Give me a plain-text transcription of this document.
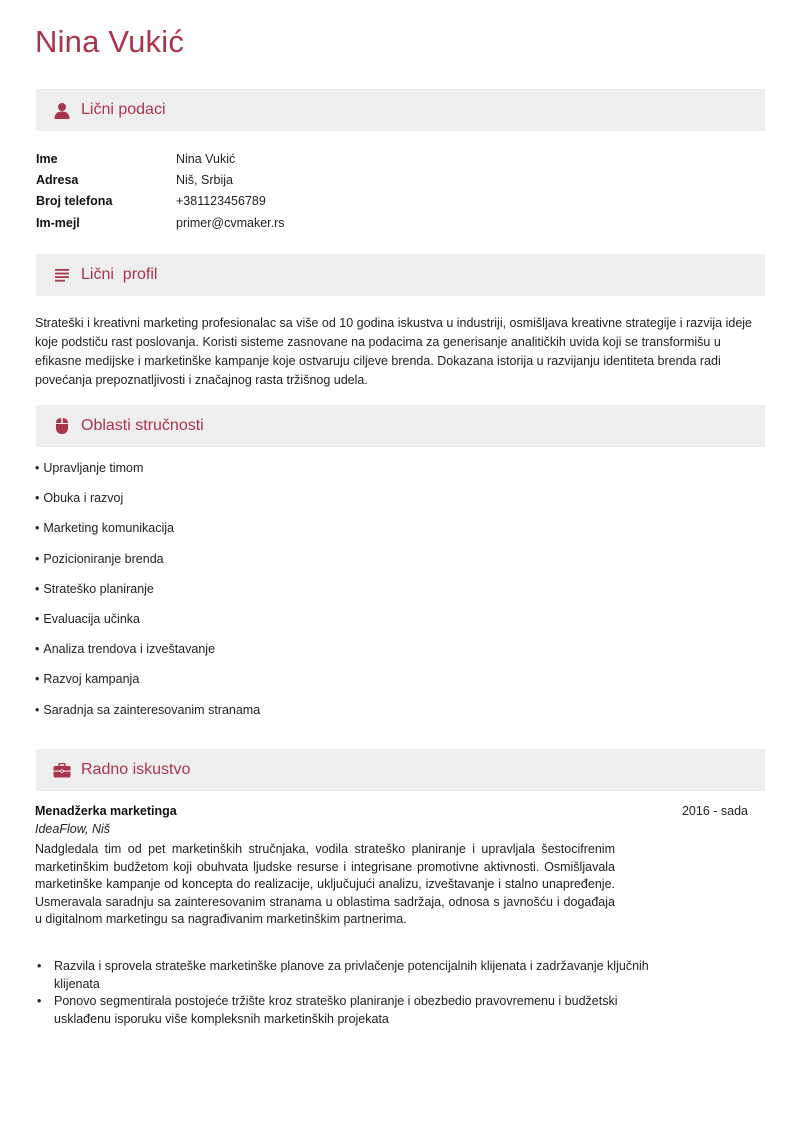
Nina Vukić
Lični podaci
Ime	Nina Vukić
Adresa	Niš, Srbija
Broj telefona	+381123456789
Im-mejl	primer@cvmaker.rs
Lični  profil
Strateški i kreativni marketing profesionalac sa više od 10 godina iskustva u industriji, osmišljava kreativne strategije i razvija ideje koje podstiču rast poslovanja. Koristi sisteme zasnovane na podacima za generisanje analitičkih uvida koji se transformišu u efikasne medijske i marketinške kampanje koje ostvaruju ciljeve brenda. Dokazana istorija u razvijanju identiteta brenda radi povećanja prepoznatljivosti i značajnog rasta tržišnog udela.
Oblasti stručnosti
• Upravljanje timom
• Obuka i razvoj
• Marketing komunikacija
• Pozicioniranje brenda
• Strateško planiranje
• Evaluacija učinka
• Analiza trendova i izveštavanje
• Razvoj kampanja
• Saradnja sa zainteresovanim stranama
Radno iskustvo
Menadžerka marketinga	2016 - sada
IdeaFlow, Niš
Nadgledala tim od pet marketinških stručnjaka, vodila strateško planiranje i upravljala šestocifrenim marketinškim budžetom koji obuhvata ljudske resurse i integrisane promotivne aktivnosti. Osmišljavala marketinške kampanje od koncepta do realizacije, uključujući analizu, izveštavanje i stalno unapređenje. Usmeravala saradnju sa zainteresovanim stranama u oblastima sadržaja, odnosa s javnošću i događaja u digitalnom marketingu sa nagrađivanim marketinškim partnerima.
•	Razvila i sprovela strateške marketinške planove za privlačenje potencijalnih klijenata i zadržavanje ključnih klijenata
•	Ponovo segmentirala postojeće tržište kroz strateško planiranje i obezbedio pravovremenu i budžetski usklađenu isporuku više kompleksnih marketinških projekata
